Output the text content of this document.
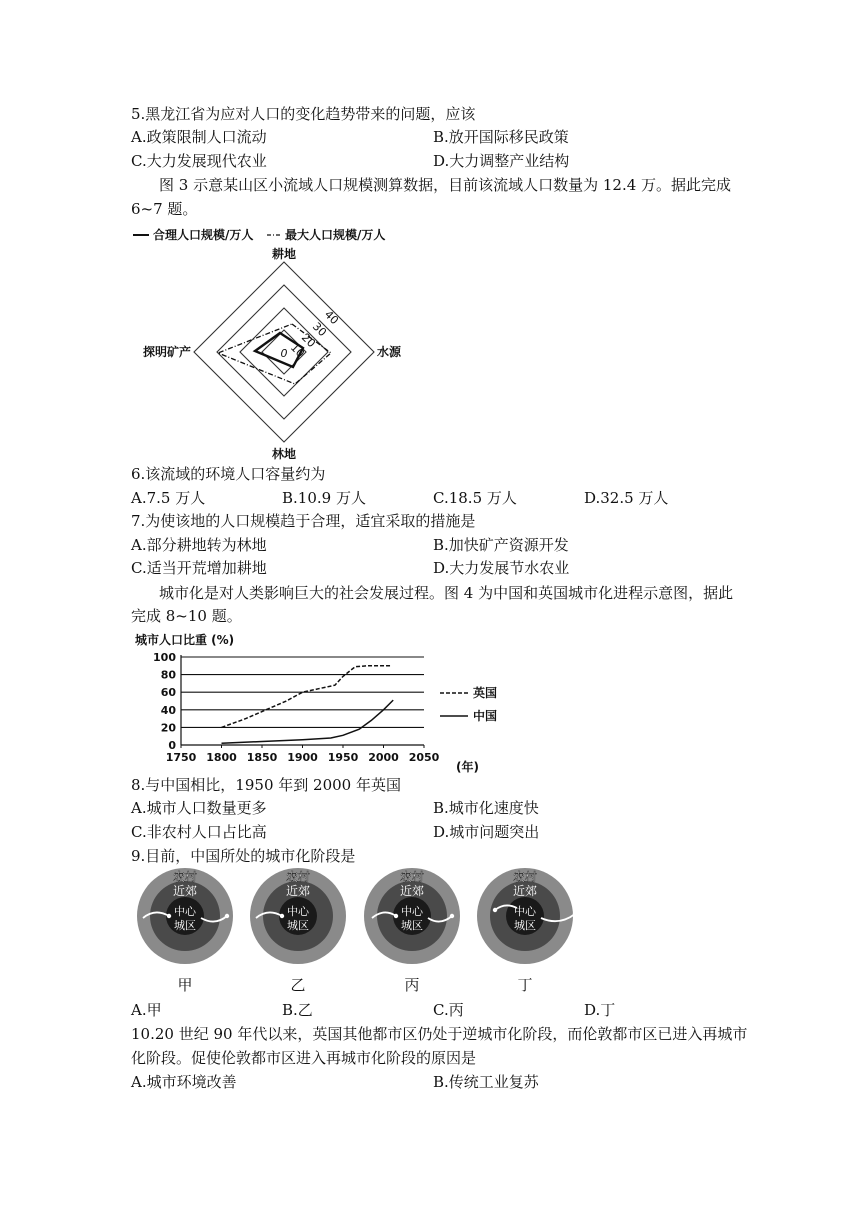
5.黑龙江省为应对人口的变化趋势带来的问题，应该
A.政策限制人口流动	B.放开国际移民政策
C.大力发展现代农业	D.大力调整产业结构
图 3 示意某山区小流域人口规模测算数据，目前该流域人口数量为 12.4 万。据此完成
6~7 题。
合理人口规模/万人	最大人口规模/万人
40
30
20
10
0
耕地
水源
林地
探明矿产
6.该流域的环境人口容量约为
A.7.5 万人	B.10.9 万人	C.18.5 万人	D.32.5 万人
7.为使该地的人口规模趋于合理，适宜采取的措施是
A.部分耕地转为林地	B.加快矿产资源开发
C.适当开荒增加耕地	D.大力发展节水农业
城市化是对人类影响巨大的社会发展过程。图 4 为中国和英国城市化进程示意图，据此
完成 8~10 题。
城市人口比重 (%)
0
20
40
60
80
100
1750 1800 1850 1900 1950 2000 2050
(年)
英国
中国
8.与中国相比，1950 年到 2000 年英国
A.城市人口数量更多	B.城市化速度快
C.非农村人口占比高	D.城市问题突出
9.目前，中国所处的城市化阶段是
农村
近郊
中心
城区
甲
农村
近郊
中心
城区
乙
农村
近郊
中心
城区
丙
农村
近郊
中心
城区
丁
A.甲	B.乙	C.丙	D.丁
10.20 世纪 90 年代以来，英国其他都市区仍处于逆城市化阶段，而伦敦都市区已进入再城市
化阶段。促使伦敦都市区进入再城市化阶段的原因是
A.城市环境改善	B.传统工业复苏
